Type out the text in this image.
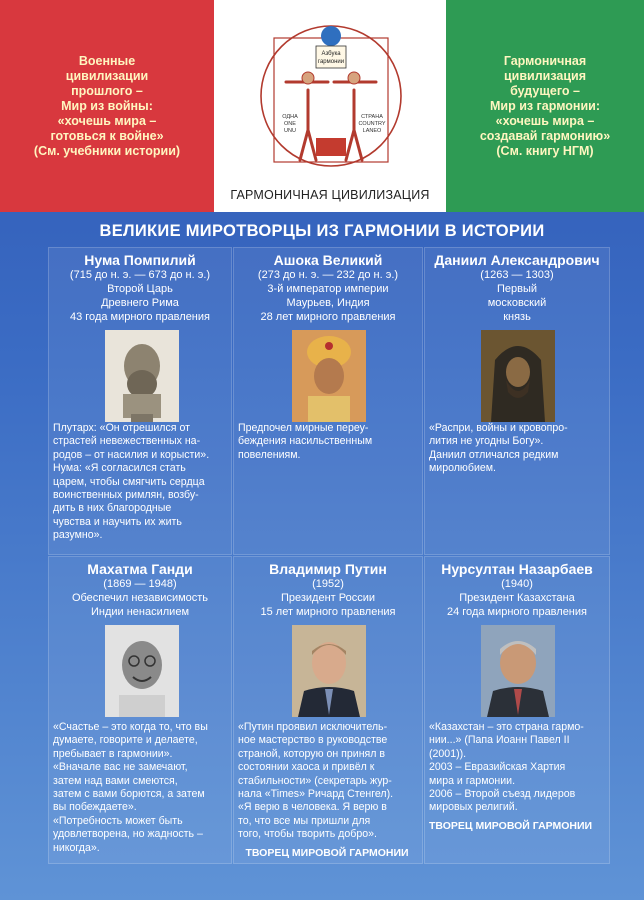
Военные
цивилизации
прошлого –
Мир из войны:
«хочешь мира –
готовься к войне»
(См. учебники истории)
Азбука
гармонии
ОДНА
ONE
UNU
СТРАНА
COUNTRY
LANEO
ГАРМОНИЧНАЯ ЦИВИЛИЗАЦИЯ
Гармоничная
цивилизация
будущего –
Мир из гармонии:
«хочешь мира –
создавай гармонию»
(См. книгу НГМ)
ВЕЛИКИЕ МИРОТВОРЦЫ ИЗ ГАРМОНИИ В ИСТОРИИ
Нума Помпилий
(715 до н. э. — 673 до н. э.)
Второй Царь
Древнего Рима
43 года мирного правления
Плутарх: «Он отрешился от
страстей невежественных на-
родов – от насилия и корысти».
Нума: «Я согласился стать
царем, чтобы смягчить сердца
воинственных римлян, возбу-
дить в них благородные
чувства и научить их жить
разумно».
Ашока Великий
(273 до н. э. — 232 до н. э.)
3-й император империи
Маурьев, Индия
28 лет мирного правления
Предпочел мирные переу-
беждения насильственным
повелениям.
Даниил Александрович
(1263 — 1303)
Первый
московский
князь
«Распри, войны и кровопро-
лития не угодны Богу».
Даниил отличался редким
миролюбием.
Махатма Ганди
(1869 — 1948)
Обеспечил независимость
Индии ненасилием
«Счастье – это когда то, что вы
думаете, говорите и делаете,
пребывает в гармонии».
«Вначале вас не замечают,
затем над вами смеются,
затем с вами борются, а затем
вы побеждаете».
«Потребность может быть
удовлетворена, но жадность –
никогда».
Владимир Путин
(1952)
Президент России
15 лет мирного правления
«Путин проявил исключитель-
ное мастерство в руководстве
страной, которую он принял в
состоянии хаоса и привёл к
стабильности» (секретарь жур-
нала «Times» Ричард Стенгел).
«Я верю в человека. Я верю в
то, что все мы пришли для
того, чтобы творить добро».
ТВОРЕЦ МИРОВОЙ ГАРМОНИИ
Нурсултан Назарбаев
(1940)
Президент Казахстана
24 года мирного правления
«Казахстан – это страна гармо-
нии...» (Папа Иоанн Павел II
(2001)).
2003 – Евразийская Хартия
мира и гармонии.
2006 – Второй съезд лидеров
мировых религий.
ТВОРЕЦ МИРОВОЙ ГАРМОНИИ
